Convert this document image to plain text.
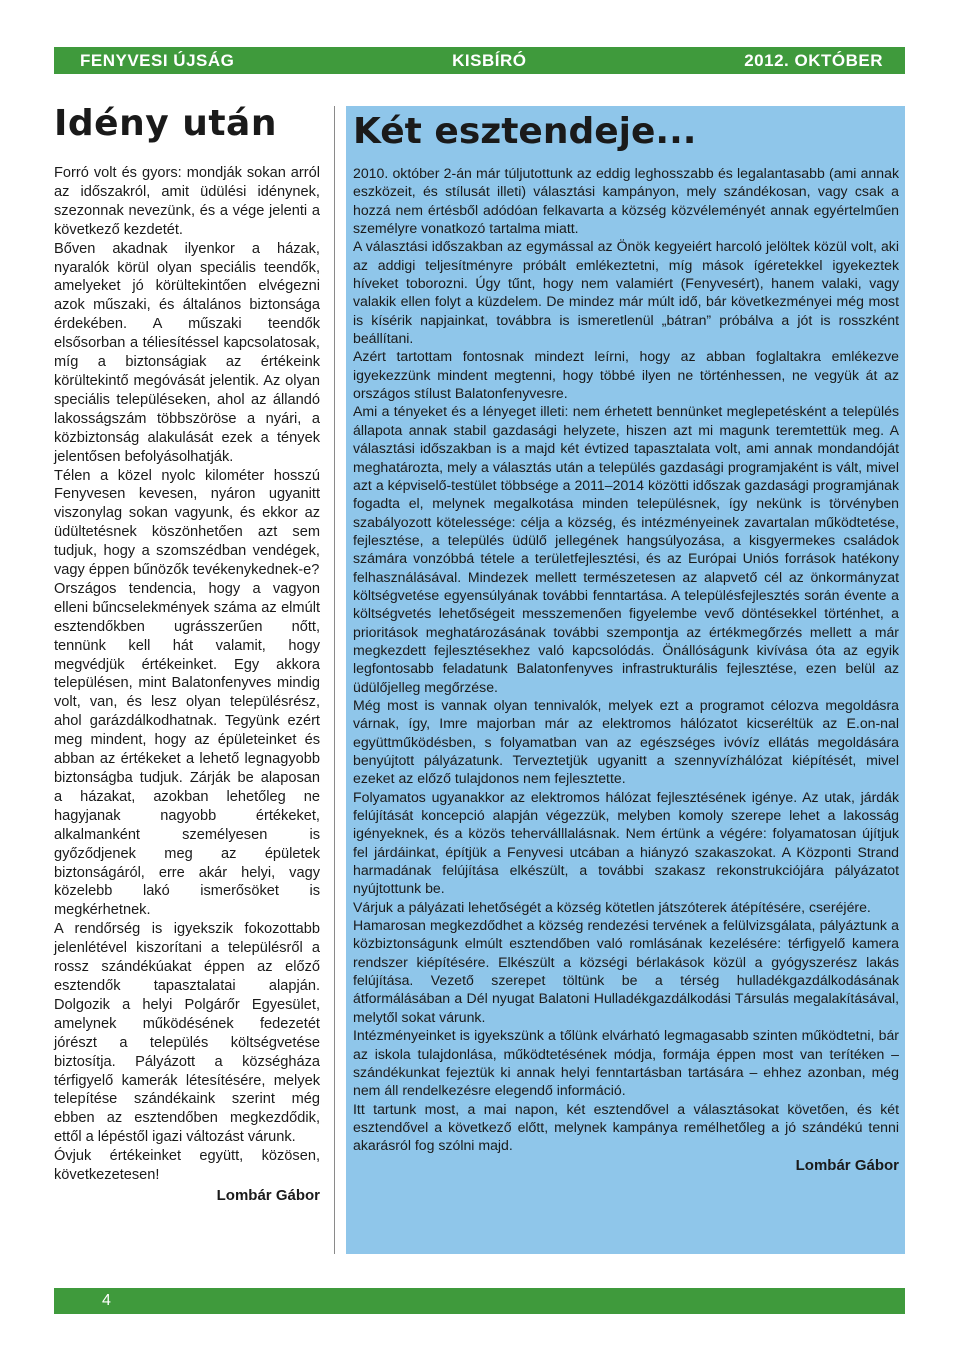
FENYVESI ÚJSÁG	KISBÍRÓ	2012. OKTÓBER
Idény után

Forró volt és gyors: mondják sokan arról az időszakról, amit üdülési idénynek, szezonnak nevezünk, és a vége jelenti a következő kezdetét.

Bőven akadnak ilyenkor a házak, nyaralók körül olyan speciális teendők, amelyeket jó körültekintően elvégezni azok műszaki, és általános biztonsága érdekében. A műszaki teendők elsősorban a téliesítéssel kapcsolatosak, míg a biztonságiak az értékeink körültekintő megóvását jelentik. Az olyan speciális településeken, ahol az állandó lakosságszám többszöröse a nyári, a közbiztonság alakulását ezek a tények jelentősen befolyásolhatják.

Télen a közel nyolc kilométer hosszú Fenyvesen kevesen, nyáron ugyanitt viszonylag sokan vagyunk, és ekkor az üdültetésnek köszönhetően azt sem tudjuk, hogy a szomszédban vendégek, vagy éppen bűnözők tevékenykednek-e?

Országos tendencia, hogy a vagyon elleni bűncselekmények száma az elmúlt esztendőkben ugrásszerűen nőtt, tennünk kell hát valamit, hogy megvédjük értékeinket. Egy akkora településen, mint Balatonfenyves mindig volt, van, és lesz olyan településrész, ahol garázdálkodhatnak. Tegyünk ezért meg mindent, hogy az épületeinket és abban az értékeket a lehető legnagyobb biztonságba tudjuk. Zárják be alaposan a házakat, azokban lehetőleg ne hagyjanak nagyobb értékeket, alkalmanként személyesen is győződjenek meg az épületek biztonságáról, erre akár helyi, vagy közelebb lakó ismerősöket is megkérhetnek.

A rendőrség is igyekszik fokozottabb jelenlétével kiszorítani a településről a rossz szándékúakat éppen az előző esztendők tapasztalatai alapján. Dolgozik a helyi Polgárőr Egyesület, amelynek működésének fedezetét jórészt a település költségvetése biztosítja. Pályázott a községháza térfigyelő kamerák létesítésére, melyek telepítése szándékaink szerint még ebben az esztendőben megkezdődik, ettől a lépéstől igazi változást várunk.

Óvjuk értékeinket együtt, közösen, következetesen!

Lombár Gábor
Két esztendeje...

2010. október 2-án már túljutottunk az eddig leghosszabb és legalantasabb (ami annak eszközeit, és stílusát illeti) választási kampányon, mely szándékosan, vagy csak a hozzá nem értésből adódóan felkavarta a község közvéleményét annak egyértelműen személyre vonatkozó tartalma miatt.

A választási időszakban az egymással az Önök kegyeiért harcoló jelöltek közül volt, aki az addigi teljesítményre próbált emlékeztetni, míg mások ígéretekkel igyekeztek híveket toborozni. Úgy tűnt, hogy nem valamiért (Fenyvesért), hanem valaki, vagy valakik ellen folyt a küzdelem. De mindez már múlt idő, bár következményei még most is kísérik napjainkat, továbbra is ismeretlenül „bátran” próbálva a jót is rosszként beállítani.

Azért tartottam fontosnak mindezt leírni, hogy az abban foglaltakra emlékezve igyekezzünk mindent megtenni, hogy többé ilyen ne történhessen, ne vegyük át az országos stílust Balatonfenyvesre.

Ami a tényeket és a lényeget illeti: nem érhetett bennünket meglepetésként a település állapota annak stabil gazdasági helyzete, hiszen azt mi magunk teremtettük meg. A választási időszakban is a majd két évtized tapasztalata volt, ami annak mondandóját meghatározta, mely a választás után a település gazdasági programjaként is vált, mivel azt a képviselő-testület többsége a 2011–2014 közötti időszak gazdasági programjának fogadta el, melynek megalkotása minden településnek, így nekünk is törvényben szabályozott kötelessége: célja a község, és intézményeinek zavartalan működtetése, fejlesztése, a település üdülő jellegének hangsúlyozása, a kisgyermekes családok számára vonzóbbá tétele a területfejlesztési, és az Európai Uniós források hatékony felhasználásával. Mindezek mellett természetesen az alapvető cél az önkormányzat költségvetése egyensúlyának további fenntartása. A településfejlesztés során évente a költségvetés lehetőségeit messzemenően figyelembe vevő döntésekkel történhet, a prioritások meghatározásának további szempontja az értékmegőrzés mellett a már megkezdett fejlesztésekhez való kapcsolódás. Önállóságunk kivívása óta az egyik legfontosabb feladatunk Balatonfenyves infrastrukturális fejlesztése, ezen belül az üdülőjelleg megőrzése.

Még most is vannak olyan tennivalók, melyek ezt a programot célozva megoldásra várnak, így, Imre majorban már az elektromos hálózatot kicseréltük az E.on-nal együttműködésben, s folyamatban van az egészséges ivóvíz ellátás megoldására benyújtott pályázatunk. Terveztetjük ugyanitt a szennyvízhálózat kiépítését, mivel ezeket az előző tulajdonos nem fejlesztette.

Folyamatos ugyanakkor az elektromos hálózat fejlesztésének igénye. Az utak, járdák felújítását koncepció alapján végezzük, melyben komoly szerepe lehet a lakosság igényeknek, és a közös teherválllalásnak. Nem értünk a végére: folyamatosan újítjuk fel járdáinkat, építjük a Fenyvesi utcában a hiányzó szakaszokat. A Központi Strand harmadának felújítása elkészült, a további szakasz rekonstrukciójára pályázatot nyújtottunk be.

Várjuk a pályázati lehetőségét a község kötetlen játszóterek átépítésére, cseréjére.

Hamarosan megkezdődhet a község rendezési tervének a felülvizsgálata, pályáztunk a közbiztonságunk elmúlt esztendőben való romlásának kezelésére: térfigyelő kamera rendszer kiépítésére. Elkészült a községi bérlakások közül a gyógyszerész lakás felújítása. Vezető szerepet töltünk be a térség hulladékgazdálkodásának átformálásában a Dél nyugat Balatoni Hulladékgazdálkodási Társulás megalakításával, melytől sokat várunk.

Intézményeinket is igyekszünk a tőlünk elvárható legmagasabb szinten működtetni, bár az iskola tulajdonlása, működtetésének módja, formája éppen most van terítéken – szándékunkat fejeztük ki annak helyi fenntartásban tartására – ehhez azonban, még nem áll rendelkezésre elegendő információ.

Itt tartunk most, a mai napon, két esztendővel a választásokat követően, és két esztendővel a következő előtt, melynek kampánya remélhetőleg a jó szándékú tenni akarásról fog szólni majd.

Lombár Gábor
4
